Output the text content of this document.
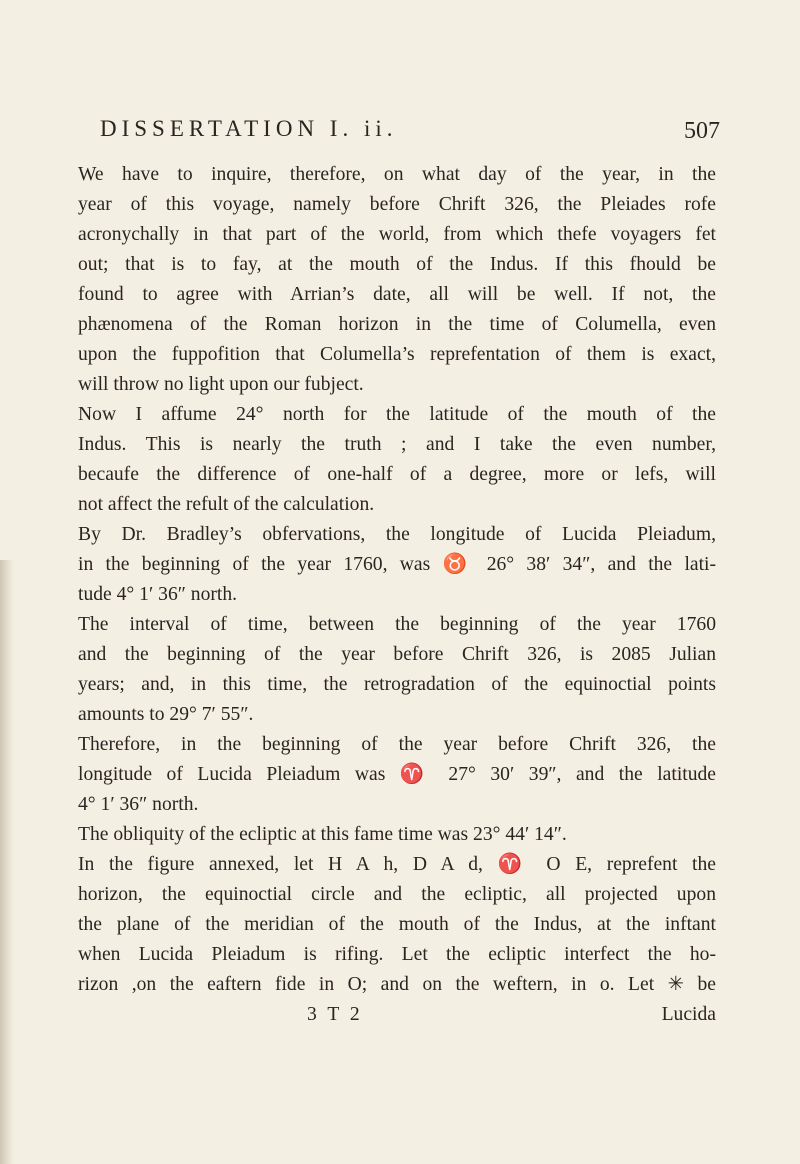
DISSERTATION I. ii.	507

We have to inquire, therefore, on what day of the year, in the
year of this voyage, namely before Chrift 326, the Pleiades rofe
acronychally in that part of the world, from which thefe voyagers fet
out; that is to fay, at the mouth of the Indus. If this fhould be
found to agree with Arrian’s date, all will be well. If not, the
phænomena of the Roman horizon in the time of Columella, even
upon the fuppofition that Columella’s reprefentation of them is exact,
will throw no light upon our fubject.

Now I affume 24° north for the latitude of the mouth of the
Indus. This is nearly the truth ; and I take the even number,
becaufe the difference of one-half of a degree, more or lefs, will
not affect the refult of the calculation.

By Dr. Bradley’s obfervations, the longitude of Lucida Pleiadum,
in the beginning of the year 1760, was ♉ 26° 38′ 34″, and the lati-
tude 4° 1′ 36″ north.

The interval of time, between the beginning of the year 1760
and the beginning of the year before Chrift 326, is 2085 Julian
years; and, in this time, the retrogradation of the equinoctial points
amounts to 29° 7′ 55″.

Therefore, in the beginning of the year before Chrift 326, the
longitude of Lucida Pleiadum was ♈ 27° 30′ 39″, and the latitude
4° 1′ 36″ north.

The obliquity of the ecliptic at this fame time was 23° 44′ 14″.

In the figure annexed, let H A h, D A d, ♈ O E, reprefent the
horizon, the equinoctial circle and the ecliptic, all projected upon
the plane of the meridian of the mouth of the Indus, at the inftant
when Lucida Pleiadum is rifing. Let the ecliptic interfect the ho-
rizon ,on the eaftern fide in O; and on the weftern, in o. Let ✳ be

3 T 2	Lucida
